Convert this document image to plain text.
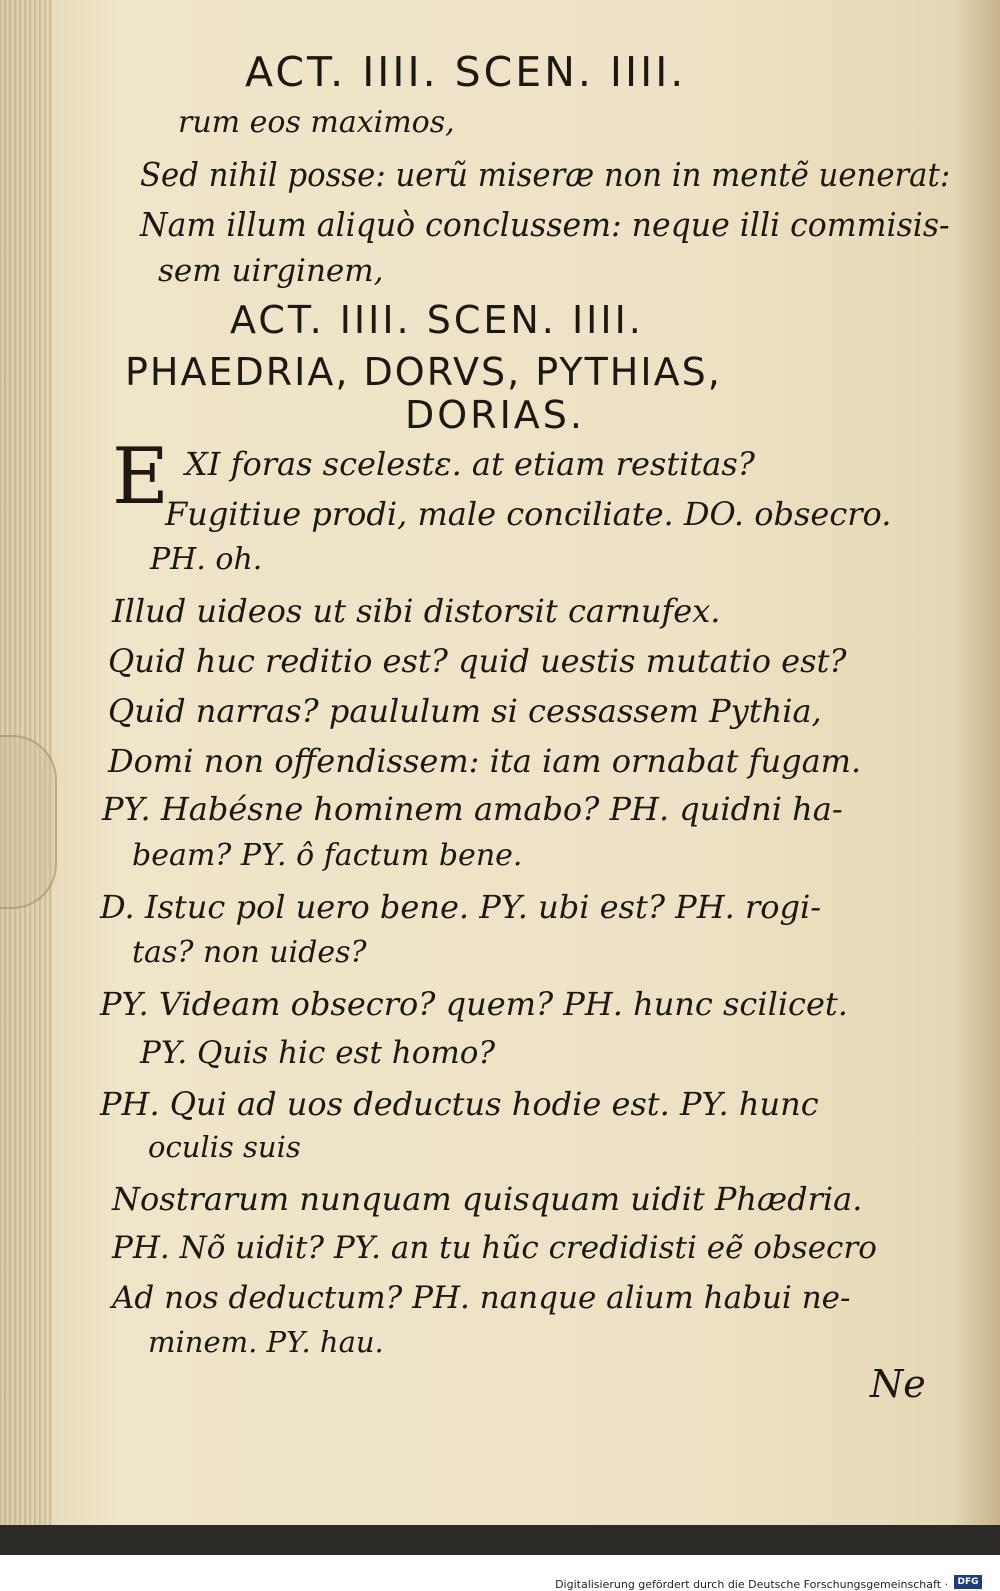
ACT. IIII. SCEN. IIII.
rum eos maximos,
Sed nihil posse: uerũ miseræ non in mentẽ uenerat:
Nam illum aliquò conclussem: neque illi commisis-
sem uirginem,
ACT. IIII. SCEN. IIII.
PHAEDRIA, DORVS, PYTHIAS,
DORIAS.
E XI foras scelestε. at etiam restitas?
Fugitiue prodi, male conciliate. DO. obsecro.
PH. oh.
Illud uideos ut sibi distorsit carnufex.
Quid huc reditio est? quid uestis mutatio est?
Quid narras? paululum si cessassem Pythia,
Domi non offendissem: ita iam ornabat fugam.
PY. Habésne hominem amabo? PH. quidni ha-
beam? PY. ô factum bene.
D. Istuc pol uero bene. PY. ubi est? PH. rogi-
tas? non uides?
PY. Videam obsecro? quem? PH. hunc scilicet.
PY. Quis hic est homo?
PH. Qui ad uos deductus hodie est. PY. hunc
oculis suis
Nostrarum nunquam quisquam uidit Phædria.
PH. Nõ uidit? PY. an tu hũc credidisti eẽ obsecro
Ad nos deductum? PH. nanque alium habui ne-
minem. PY. hau.
Ne
Digitalisierung gefördert durch die Deutsche Forschungsgemeinschaft ·	DFG
